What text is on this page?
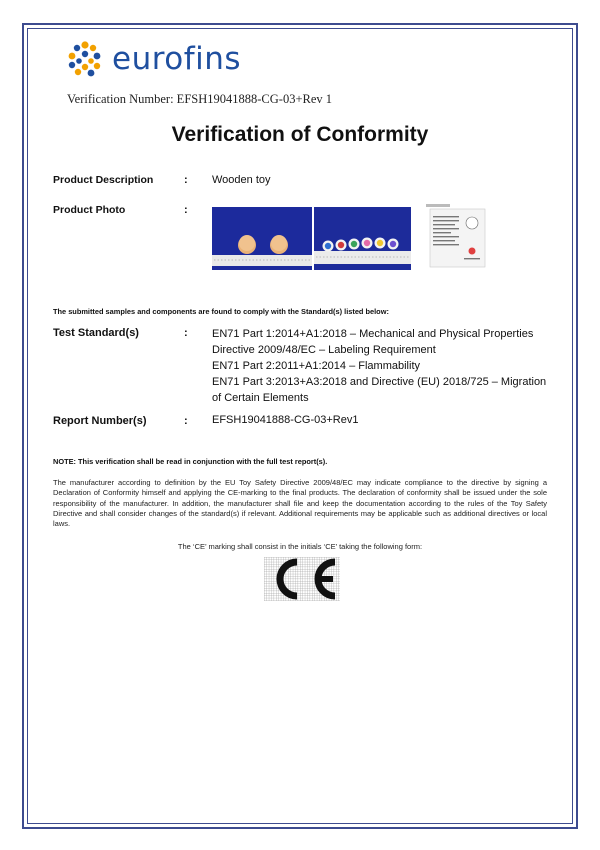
eurofins
Verification Number: EFSH19041888-CG-03+Rev 1
Verification of Conformity
Product Description	: Wooden toy
Product Photo	:
The submitted samples and components are found to comply with the Standard(s) listed below:
Test Standard(s)	: EN71 Part 1:2014+A1:2018 – Mechanical and Physical Properties
Directive 2009/48/EC – Labeling Requirement
EN71 Part 2:2011+A1:2014 – Flammability
EN71 Part 3:2013+A3:2018 and Directive (EU) 2018/725 – Migration
of Certain Elements
Report Number(s)	: EFSH19041888-CG-03+Rev1
NOTE: This verification shall be read in conjunction with the full test report(s).
The manufacturer according to definition by the EU Toy Safety Directive 2009/48/EC may indicate compliance to the directive by signing a Declaration of Conformity himself and applying the CE-marking to the final products. The declaration of conformity shall be issued under the sole responsibility of the manufacturer. In addition, the manufacturer shall file and keep the documentation according to the rules of the Toy Safety Directive and shall consider changes of the standard(s) if relevant. Additional requirements may be applicable such as additional directives or local laws.
The ‘CE’ marking shall consist in the initials ‘CE’ taking the following form:
